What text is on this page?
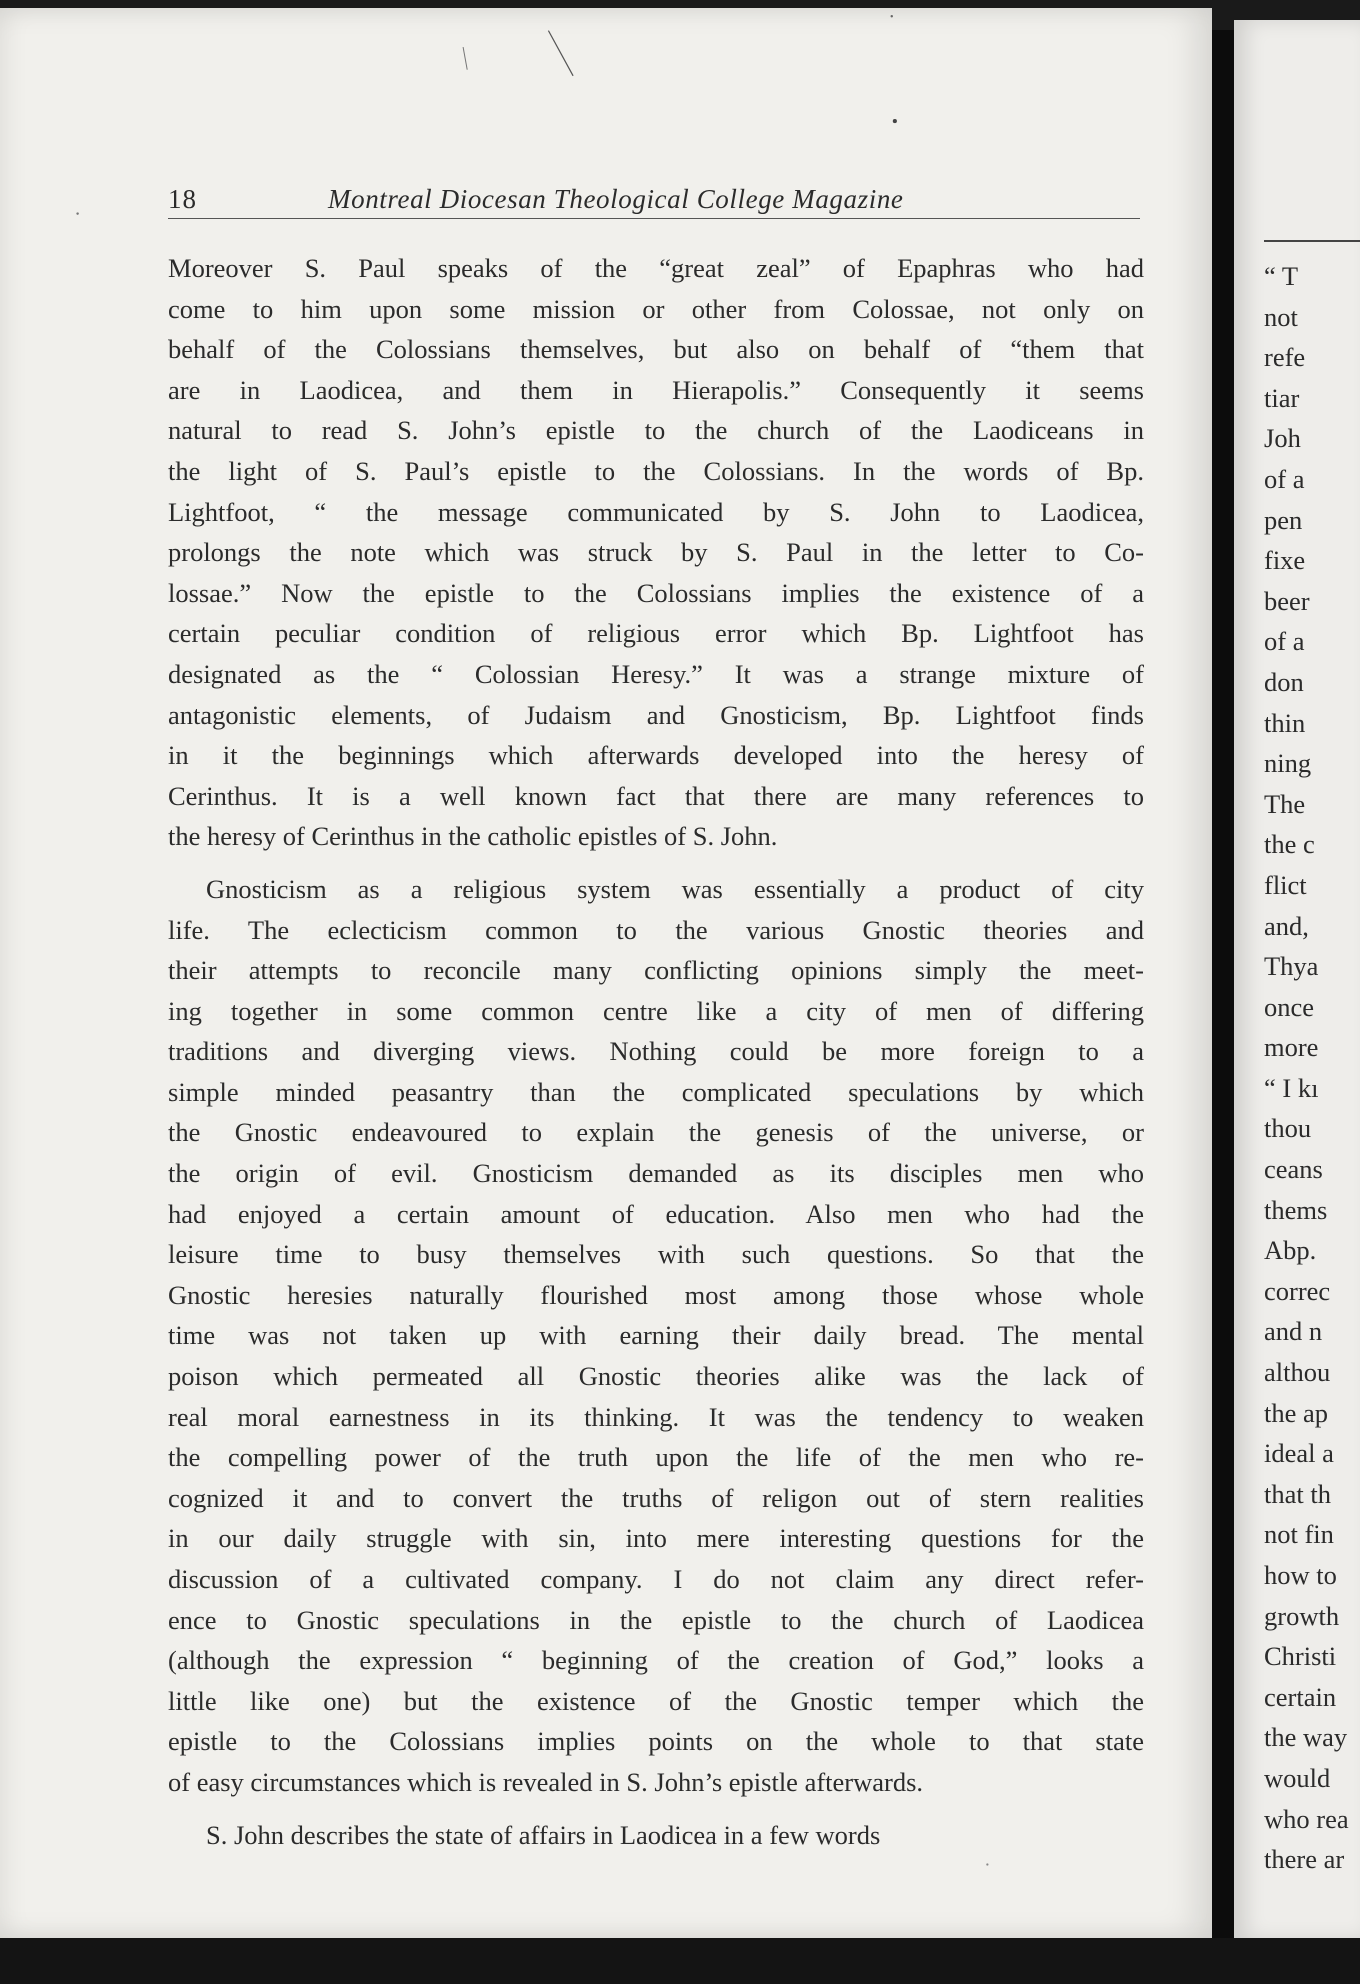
“ T
not
refe
tiar
Joh
of a
pen
fixe
beer
of a
don
thin
ning
The
the c
flict
and,
Thya
once
more
“ I kı
thou
ceans
thems
Abp.
correc
and n
althou
the ap
ideal a
that th
not fin
how to
growth
Christi
certain
the way
would
who rea
there ar
18	Montreal Diocesan Theological College Magazine
Moreover S. Paul speaks of the “great zeal” of Epaphras who had
come to him upon some mission or other from Colossae, not only on
behalf of the Colossians themselves, but also on behalf of “them that
are in Laodicea, and them in Hierapolis.” Consequently it seems
natural to read S. John’s epistle to the church of the Laodiceans in
the light of S. Paul’s epistle to the Colossians. In the words of Bp.
Lightfoot, “ the message communicated by S. John to Laodicea,
prolongs the note which was struck by S. Paul in the letter to Co-
lossae.” Now the epistle to the Colossians implies the existence of a
certain peculiar condition of religious error which Bp. Lightfoot has
designated as the “ Colossian Heresy.” It was a strange mixture of
antagonistic elements, of Judaism and Gnosticism, Bp. Lightfoot finds
in it the beginnings which afterwards developed into the heresy of
Cerinthus. It is a well known fact that there are many references to
the heresy of Cerinthus in the catholic epistles of S. John.
Gnosticism as a religious system was essentially a product of city
life. The eclecticism common to the various Gnostic theories and
their attempts to reconcile many conflicting opinions simply the meet-
ing together in some common centre like a city of men of differing
traditions and diverging views. Nothing could be more foreign to a
simple minded peasantry than the complicated speculations by which
the Gnostic endeavoured to explain the genesis of the universe, or
the origin of evil. Gnosticism demanded as its disciples men who
had enjoyed a certain amount of education. Also men who had the
leisure time to busy themselves with such questions. So that the
Gnostic heresies naturally flourished most among those whose whole
time was not taken up with earning their daily bread. The mental
poison which permeated all Gnostic theories alike was the lack of
real moral earnestness in its thinking. It was the tendency to weaken
the compelling power of the truth upon the life of the men who re-
cognized it and to convert the truths of religon out of stern realities
in our daily struggle with sin, into mere interesting questions for the
discussion of a cultivated company. I do not claim any direct refer-
ence to Gnostic speculations in the epistle to the church of Laodicea
(although the expression “ beginning of the creation of God,” looks a
little like one) but the existence of the Gnostic temper which the
epistle to the Colossians implies points on the whole to that state
of easy circumstances which is revealed in S. John’s epistle afterwards.
S. John describes the state of affairs in Laodicea in a few words
